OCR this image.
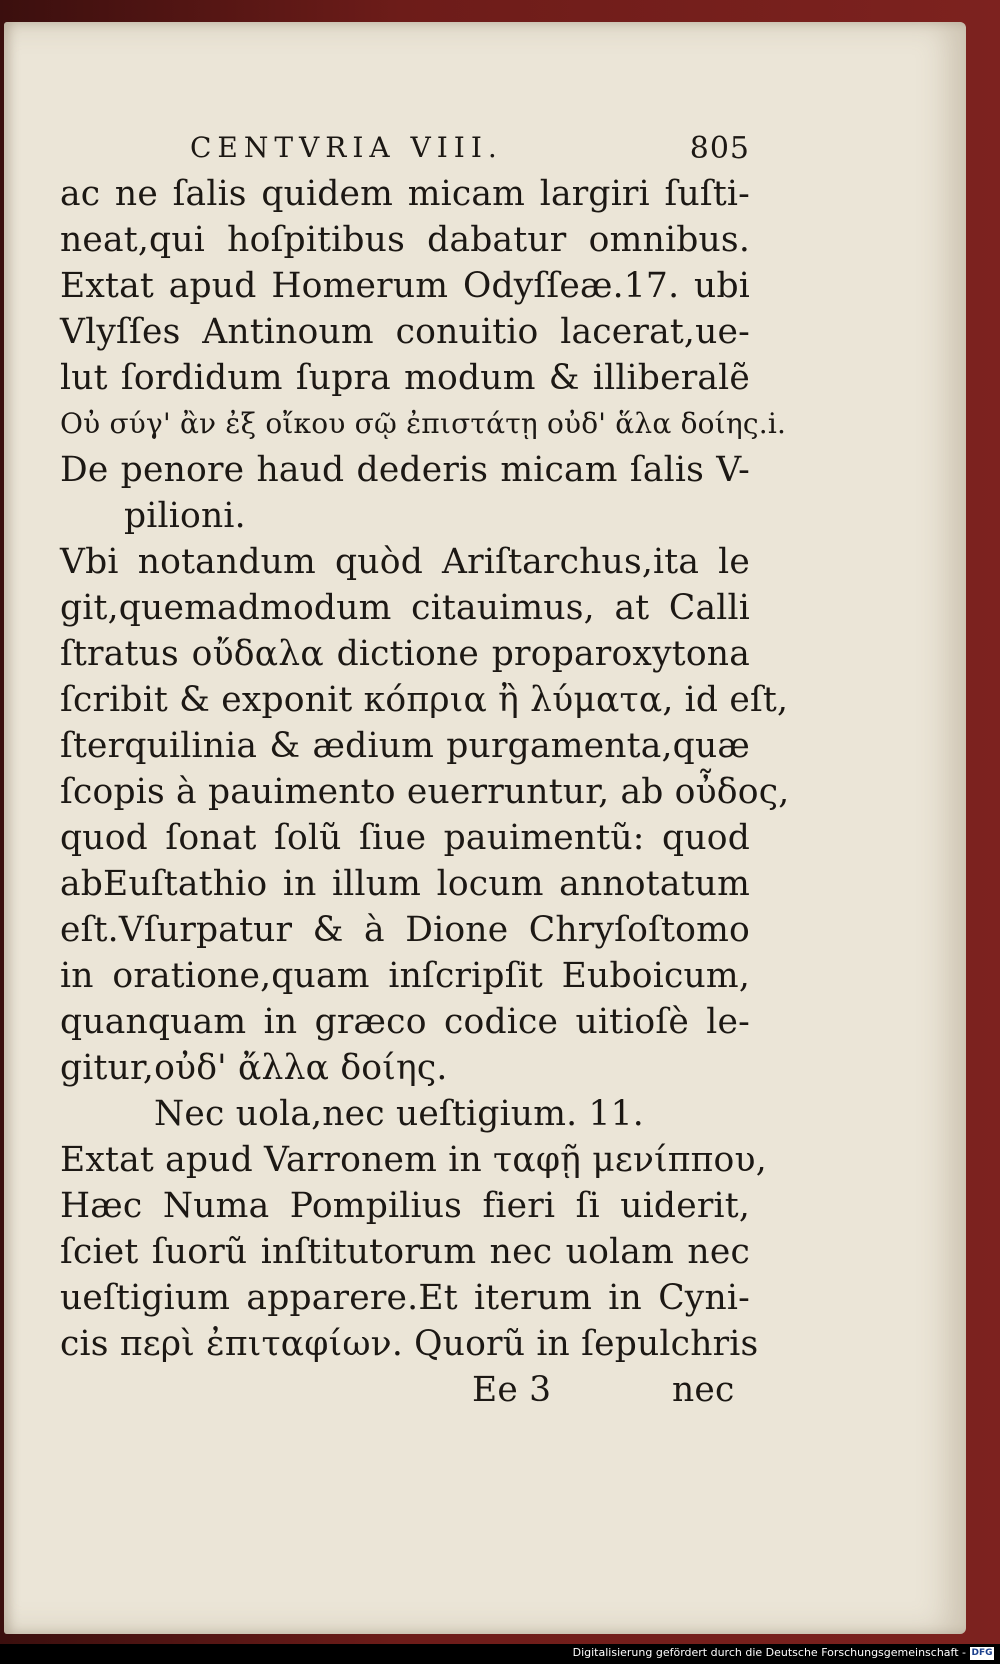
CENTVRIA VIII.	805
ac ne ſalis quidem micam largiri ſuſti-
neat,qui hoſpitibus dabatur omnibus.
Extat apud Homerum Odyſſeæ.17. ubi
Vlyſſes Antinoum conuitio lacerat,ue-
lut ſordidum ſupra modum & illiberalẽ
Οὐ σύγ' ἂν ἐξ οἴκου σῷ ἐπιστάτῃ οὐδ' ἅλα δοίης.i.
De penore haud dederis micam ſalis V-
pilioni.
Vbi notandum quòd Ariſtarchus,ita le
git,quemadmodum citauimus, at Calli
ſtratus οὔδαλα dictione proparoxytona
ſcribit & exponit κόπρια ἢ λύματα, id eſt,
ſterquilinia & ædium purgamenta,quæ
ſcopis à pauimento euerruntur, ab οὖδος,
quod ſonat ſolũ ſiue pauimentũ: quod
abEuſtathio in illum locum annotatum
eſt.Vſurpatur & à Dione Chryſoſtomo
in oratione,quam inſcripſit Euboicum,
quanquam in græco codice uitioſè le-
gitur,οὐδ' ἄλλα δοίης.
Nec uola,nec ueſtigium. 11.
Extat apud Varronem in ταφῇ μενίππου,
Hæc Numa Pompilius fieri ſi uiderit,
ſciet ſuorũ inſtitutorum nec uolam nec
ueſtigium apparere.Et iterum in Cyni-
cis περὶ ἐπιταφίων. Quorũ in ſepulchris
Ee 3	nec
Digitalisierung gefördert durch die Deutsche Forschungsgemeinschaft - DFG
